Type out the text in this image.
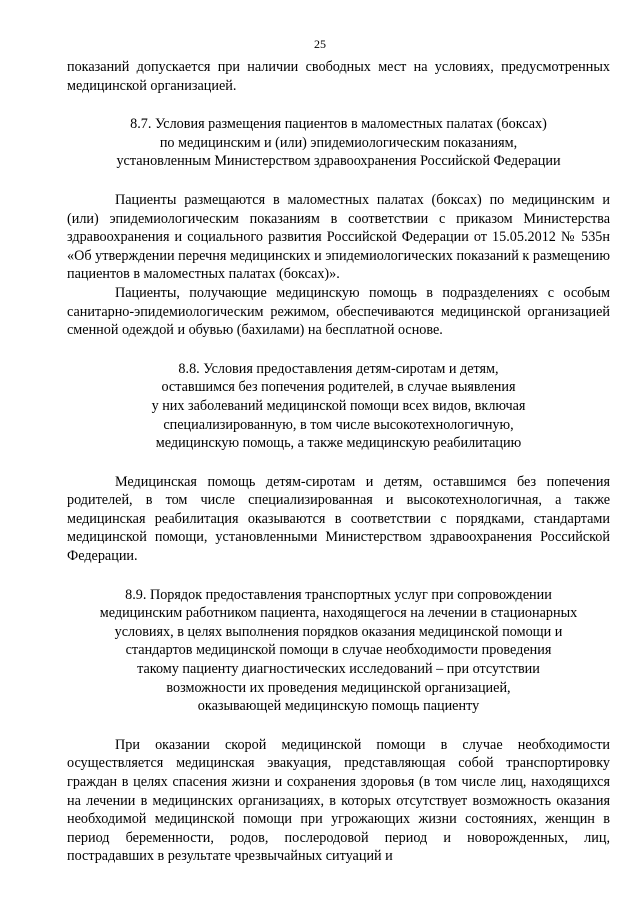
25

показаний допускается при наличии свободных мест на условиях, предусмотренных медицинской организацией.

8.7. Условия размещения пациентов в маломестных палатах (боксах)
по медицинским и (или) эпидемиологическим показаниям,
установленным Министерством здравоохранения Российской Федерации

Пациенты размещаются в маломестных палатах (боксах) по медицинским и (или) эпидемиологическим показаниям в соответствии с приказом Министерства здравоохранения и социального развития Российской Федерации от 15.05.2012 № 535н «Об утверждении перечня медицинских и эпидемиологических показаний к размещению пациентов в маломестных палатах (боксах)».

Пациенты, получающие медицинскую помощь в подразделениях с особым санитарно-эпидемиологическим режимом, обеспечиваются медицинской организацией сменной одеждой и обувью (бахилами) на бесплатной основе.

8.8. Условия предоставления детям-сиротам и детям,
оставшимся без попечения родителей, в случае выявления
у них заболеваний медицинской помощи всех видов, включая
специализированную, в том числе высокотехнологичную,
медицинскую помощь, а также медицинскую реабилитацию

Медицинская помощь детям-сиротам и детям, оставшимся без попечения родителей, в том числе специализированная и высокотехнологичная, а также медицинская реабилитация оказываются в соответствии с порядками, стандартами медицинской помощи, установленными Министерством здравоохранения Российской Федерации.

8.9. Порядок предоставления транспортных услуг при сопровождении
медицинским работником пациента, находящегося на лечении в стационарных
условиях, в целях выполнения порядков оказания медицинской помощи и
стандартов медицинской помощи в случае необходимости проведения
такому пациенту диагностических исследований – при отсутствии
возможности их проведения медицинской организацией,
оказывающей медицинскую помощь пациенту

При оказании скорой медицинской помощи в случае необходимости осуществляется медицинская эвакуация, представляющая собой транспортировку граждан в целях спасения жизни и сохранения здоровья (в том числе лиц, находящихся на лечении в медицинских организациях, в которых отсутствует возможность оказания необходимой медицинской помощи при угрожающих жизни состояниях, женщин в период беременности, родов, послеродовой период и новорожденных, лиц, пострадавших в результате чрезвычайных ситуаций и
